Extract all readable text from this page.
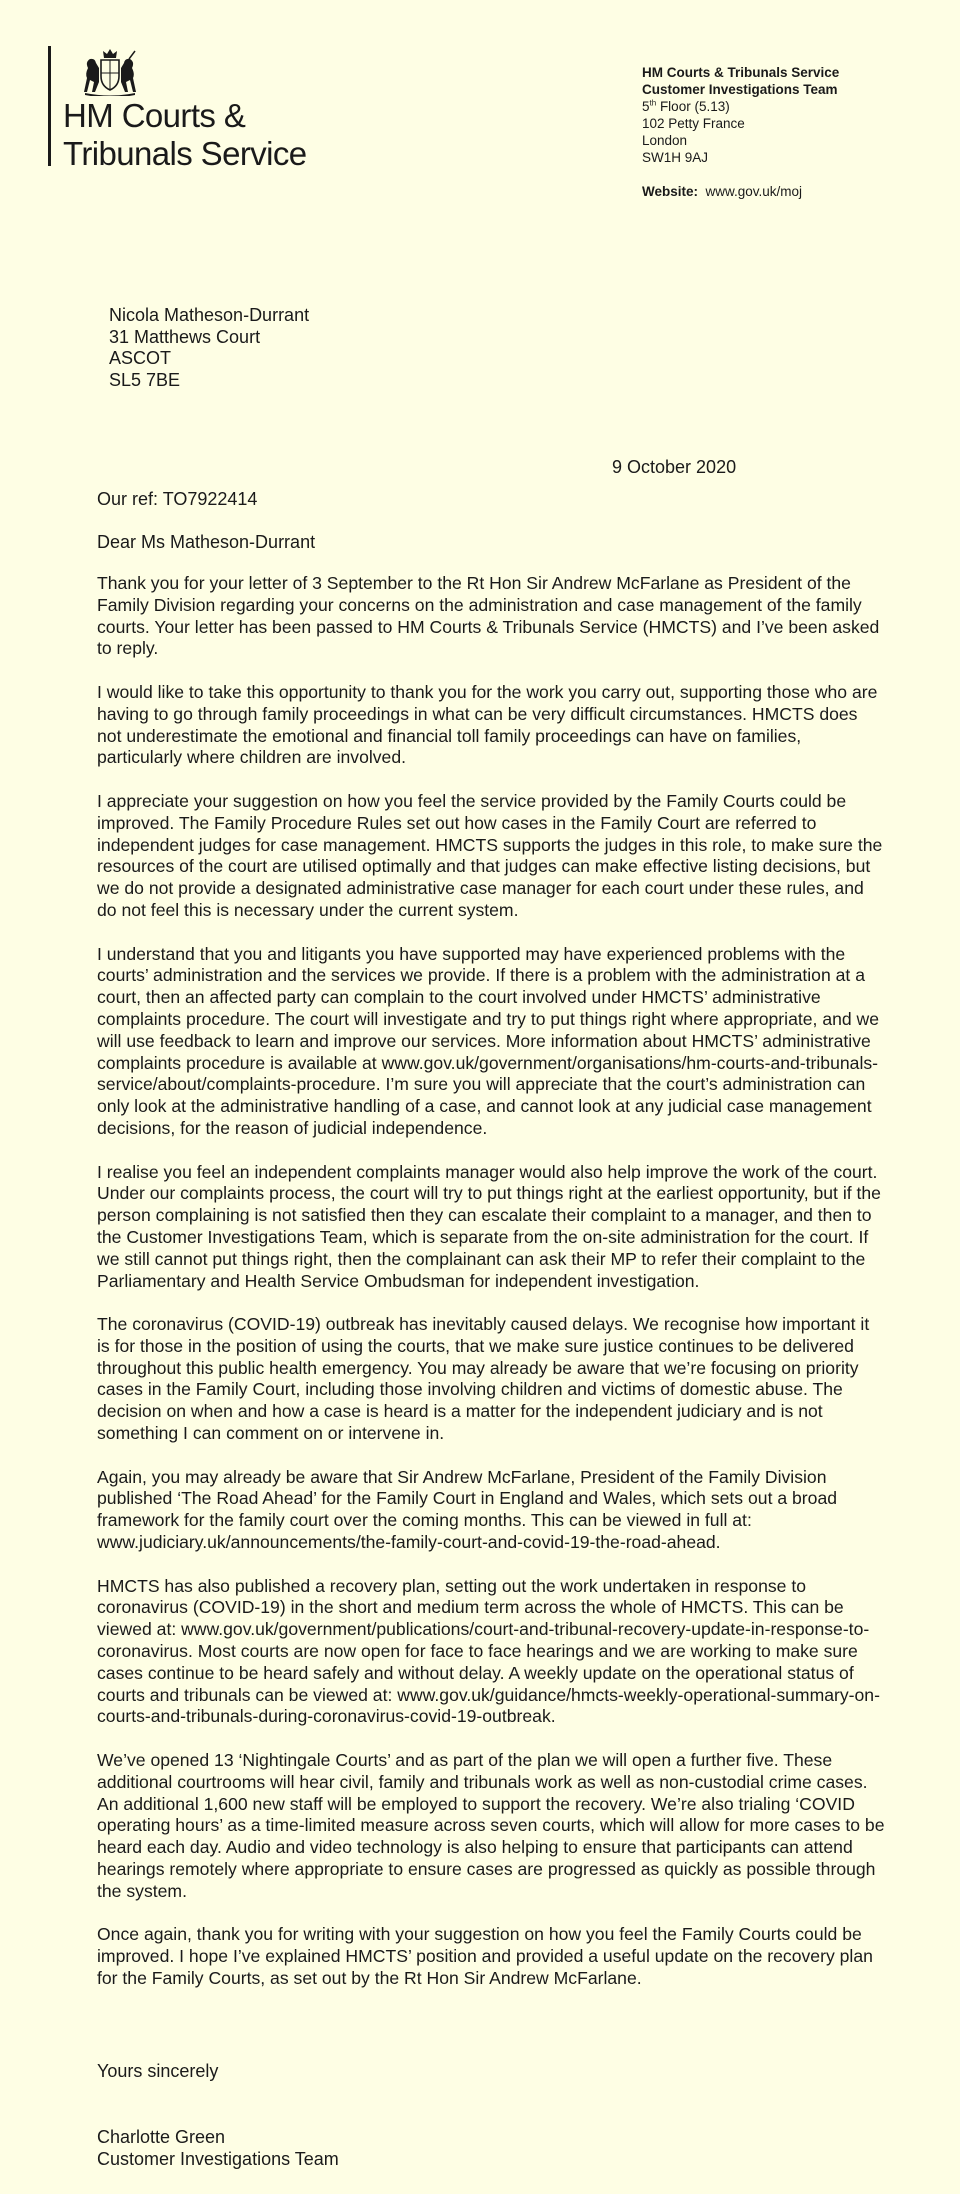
HM Courts &
Tribunals Service
HM Courts & Tribunals Service
Customer Investigations Team
5th Floor (5.13)
102 Petty France
London
SW1H 9AJ
Website: www.gov.uk/moj
Nicola Matheson-Durrant
31 Matthews Court
ASCOT
SL5 7BE
9 October 2020
Our ref: TO7922414
Dear Ms Matheson-Durrant

Thank you for your letter of 3 September to the Rt Hon Sir Andrew McFarlane as President of the Family Division regarding your concerns on the administration and case management of the family courts. Your letter has been passed to HM Courts & Tribunals Service (HMCTS) and I’ve been asked to reply.

I would like to take this opportunity to thank you for the work you carry out, supporting those who are having to go through family proceedings in what can be very difficult circumstances. HMCTS does not underestimate the emotional and financial toll family proceedings can have on families, particularly where children are involved.

I appreciate your suggestion on how you feel the service provided by the Family Courts could be improved. The Family Procedure Rules set out how cases in the Family Court are referred to independent judges for case management. HMCTS supports the judges in this role, to make sure the resources of the court are utilised optimally and that judges can make effective listing decisions, but we do not provide a designated administrative case manager for each court under these rules, and do not feel this is necessary under the current system.

I understand that you and litigants you have supported may have experienced problems with the courts’ administration and the services we provide. If there is a problem with the administration at a court, then an affected party can complain to the court involved under HMCTS’ administrative complaints procedure. The court will investigate and try to put things right where appropriate, and we will use feedback to learn and improve our services. More information about HMCTS’ administrative complaints procedure is available at www.gov.uk/government/organisations/hm-courts-and-tribunals-service/about/complaints-procedure. I’m sure you will appreciate that the court’s administration can only look at the administrative handling of a case, and cannot look at any judicial case management decisions, for the reason of judicial independence.

I realise you feel an independent complaints manager would also help improve the work of the court. Under our complaints process, the court will try to put things right at the earliest opportunity, but if the person complaining is not satisfied then they can escalate their complaint to a manager, and then to the Customer Investigations Team, which is separate from the on-site administration for the court. If we still cannot put things right, then the complainant can ask their MP to refer their complaint to the Parliamentary and Health Service Ombudsman for independent investigation.

The coronavirus (COVID-19) outbreak has inevitably caused delays. We recognise how important it is for those in the position of using the courts, that we make sure justice continues to be delivered throughout this public health emergency. You may already be aware that we’re focusing on priority cases in the Family Court, including those involving children and victims of domestic abuse. The decision on when and how a case is heard is a matter for the independent judiciary and is not something I can comment on or intervene in.

Again, you may already be aware that Sir Andrew McFarlane, President of the Family Division published ‘The Road Ahead’ for the Family Court in England and Wales, which sets out a broad framework for the family court over the coming months. This can be viewed in full at: www.judiciary.uk/announcements/the-family-court-and-covid-19-the-road-ahead.

HMCTS has also published a recovery plan, setting out the work undertaken in response to coronavirus (COVID-19) in the short and medium term across the whole of HMCTS. This can be viewed at: www.gov.uk/government/publications/court-and-tribunal-recovery-update-in-response-to-coronavirus. Most courts are now open for face to face hearings and we are working to make sure cases continue to be heard safely and without delay. A weekly update on the operational status of courts and tribunals can be viewed at: www.gov.uk/guidance/hmcts-weekly-operational-summary-on-courts-and-tribunals-during-coronavirus-covid-19-outbreak.

We’ve opened 13 ‘Nightingale Courts’ and as part of the plan we will open a further five. These additional courtrooms will hear civil, family and tribunals work as well as non-custodial crime cases. An additional 1,600 new staff will be employed to support the recovery. We’re also trialing ‘COVID operating hours’ as a time-limited measure across seven courts, which will allow for more cases to be heard each day. Audio and video technology is also helping to ensure that participants can attend hearings remotely where appropriate to ensure cases are progressed as quickly as possible through the system.

Once again, thank you for writing with your suggestion on how you feel the Family Courts could be improved. I hope I’ve explained HMCTS’ position and provided a useful update on the recovery plan for the Family Courts, as set out by the Rt Hon Sir Andrew McFarlane.

Yours sincerely
Charlotte Green
Customer Investigations Team
